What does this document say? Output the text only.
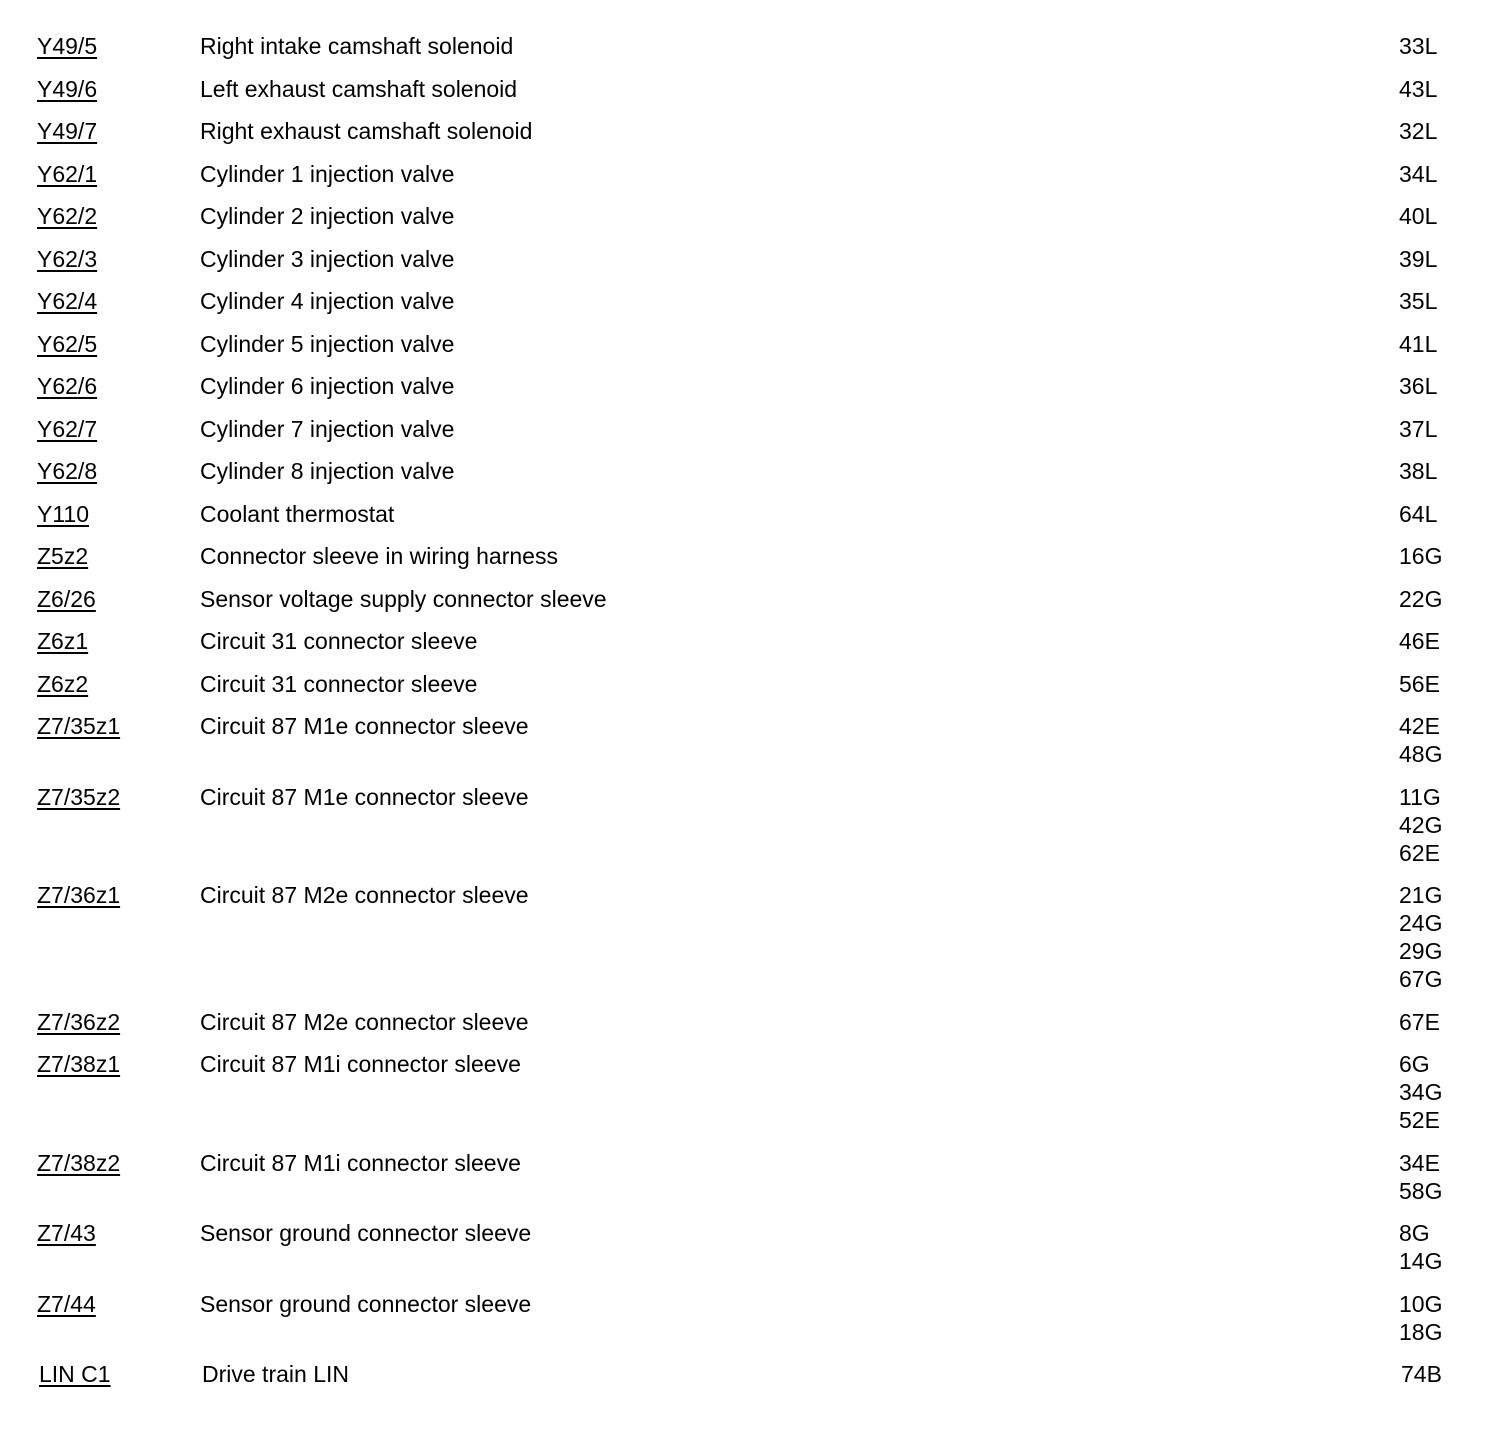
Y49/5	Right intake camshaft solenoid	33L
Y49/6	Left exhaust camshaft solenoid	43L
Y49/7	Right exhaust camshaft solenoid	32L
Y62/1	Cylinder 1 injection valve	34L
Y62/2	Cylinder 2 injection valve	40L
Y62/3	Cylinder 3 injection valve	39L
Y62/4	Cylinder 4 injection valve	35L
Y62/5	Cylinder 5 injection valve	41L
Y62/6	Cylinder 6 injection valve	36L
Y62/7	Cylinder 7 injection valve	37L
Y62/8	Cylinder 8 injection valve	38L
Y110	Coolant thermostat	64L
Z5z2	Connector sleeve in wiring harness	16G
Z6/26	Sensor voltage supply connector sleeve	22G
Z6z1	Circuit 31 connector sleeve	46E
Z6z2	Circuit 31 connector sleeve	56E
Z7/35z1	Circuit 87 M1e connector sleeve	42E
48G
Z7/35z2	Circuit 87 M1e connector sleeve	11G
42G
62E
Z7/36z1	Circuit 87 M2e connector sleeve	21G
24G
29G
67G
Z7/36z2	Circuit 87 M2e connector sleeve	67E
Z7/38z1	Circuit 87 M1i connector sleeve	6G
34G
52E
Z7/38z2	Circuit 87 M1i connector sleeve	34E
58G
Z7/43	Sensor ground connector sleeve	8G
14G
Z7/44	Sensor ground connector sleeve	10G
18G
LIN C1	Drive train LIN	74B
